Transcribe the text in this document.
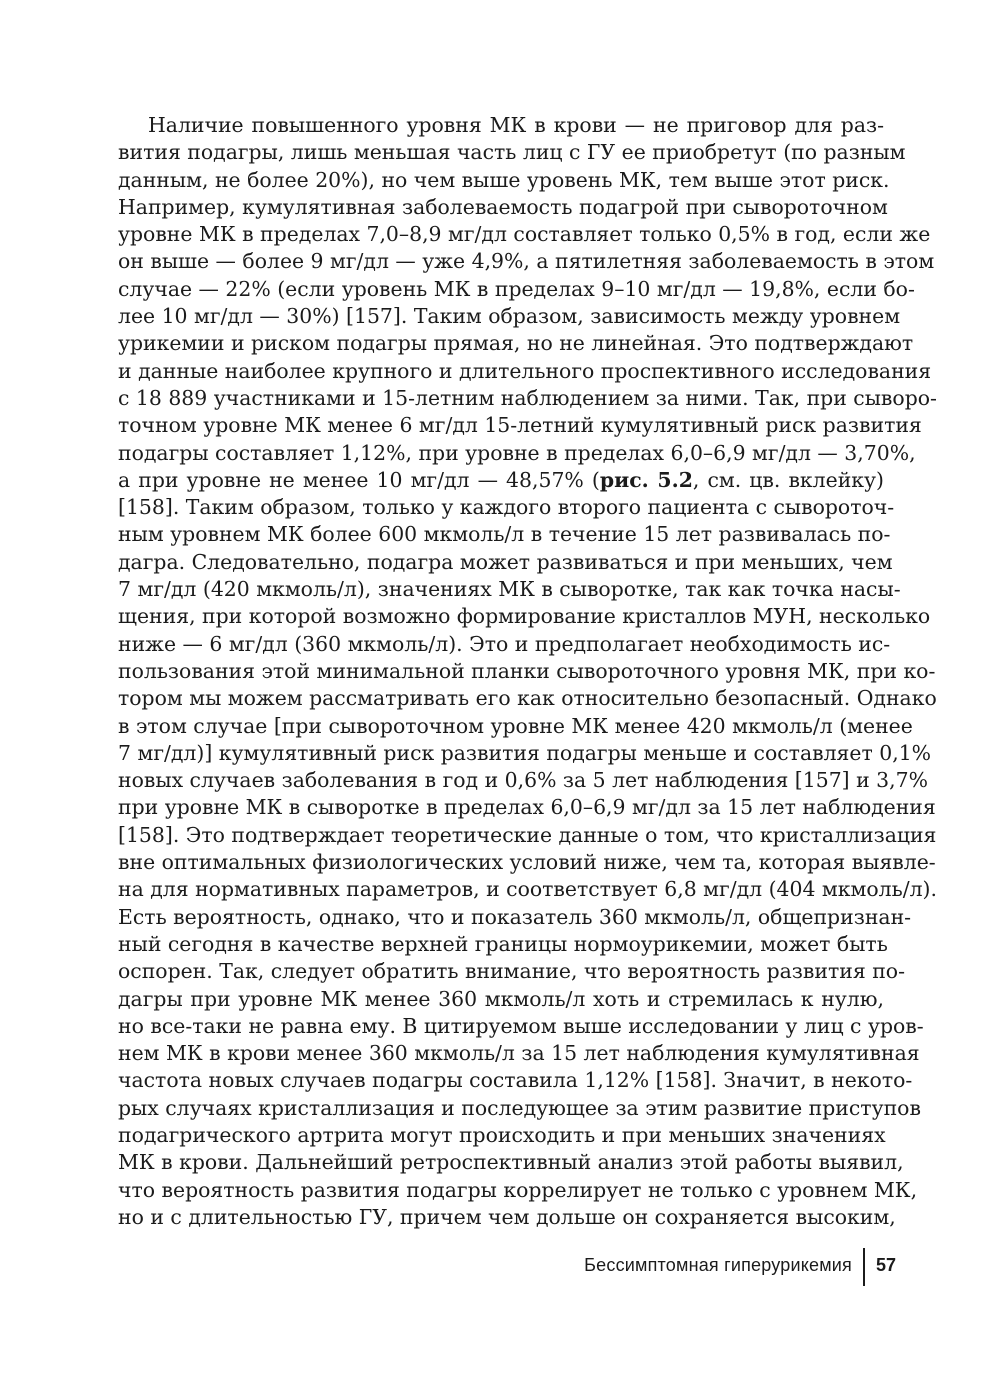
Наличие повышенного уровня МК в крови — не приговор для раз-
вития подагры, лишь меньшая часть лиц с ГУ ее приобретут (по разным
данным, не более 20%), но чем выше уровень МК, тем выше этот риск.
Например, кумулятивная заболеваемость подагрой при сывороточном
уровне МК в пределах 7,0–8,9 мг/дл составляет только 0,5% в год, если же
он выше — более 9 мг/дл — уже 4,9%, а пятилетняя заболеваемость в этом
случае — 22% (если уровень МК в пределах 9–10 мг/дл — 19,8%, если бо-
лее 10 мг/дл — 30%) [157]. Таким образом, зависимость между уровнем
урикемии и риском подагры прямая, но не линейная. Это подтверждают
и данные наиболее крупного и длительного проспективного исследования
с 18 889 участниками и 15-летним наблюдением за ними. Так, при сыворо-
точном уровне МК менее 6 мг/дл 15-летний кумулятивный риск развития
подагры составляет 1,12%, при уровне в пределах 6,0–6,9 мг/дл — 3,70%,
а при уровне не менее 10 мг/дл — 48,57% (рис. 5.2, см. цв. вклейку)
[158]. Таким образом, только у каждого второго пациента с сывороточ-
ным уровнем МК более 600 мкмоль/л в течение 15 лет развивалась по-
дагра. Следовательно, подагра может развиваться и при меньших, чем
7 мг/дл (420 мкмоль/л), значениях МК в сыворотке, так как точка насы-
щения, при которой возможно формирование кристаллов МУН, несколько
ниже — 6 мг/дл (360 мкмоль/л). Это и предполагает необходимость ис-
пользования этой минимальной планки сывороточного уровня МК, при ко-
тором мы можем рассматривать его как относительно безопасный. Однако
в этом случае [при сывороточном уровне МК менее 420 мкмоль/л (менее
7 мг/дл)] кумулятивный риск развития подагры меньше и составляет 0,1%
новых случаев заболевания в год и 0,6% за 5 лет наблюдения [157] и 3,7%
при уровне МК в сыворотке в пределах 6,0–6,9 мг/дл за 15 лет наблюдения
[158]. Это подтверждает теоретические данные о том, что кристаллизация
вне оптимальных физиологических условий ниже, чем та, которая выявле-
на для нормативных параметров, и соответствует 6,8 мг/дл (404 мкмоль/л).
Есть вероятность, однако, что и показатель 360 мкмоль/л, общепризнан-
ный сегодня в качестве верхней границы нормоурикемии, может быть
оспорен. Так, следует обратить внимание, что вероятность развития по-
дагры при уровне МК менее 360 мкмоль/л хоть и стремилась к нулю,
но все-таки не равна ему. В цитируемом выше исследовании у лиц с уров-
нем МК в крови менее 360 мкмоль/л за 15 лет наблюдения кумулятивная
частота новых случаев подагры составила 1,12% [158]. Значит, в некото-
рых случаях кристаллизация и последующее за этим развитие приступов
подагрического артрита могут происходить и при меньших значениях
МК в крови. Дальнейший ретроспективный анализ этой работы выявил,
что вероятность развития подагры коррелирует не только с уровнем МК,
но и с длительностью ГУ, причем чем дольше он сохраняется высоким,
Бессимптомная гиперурикемия 57
